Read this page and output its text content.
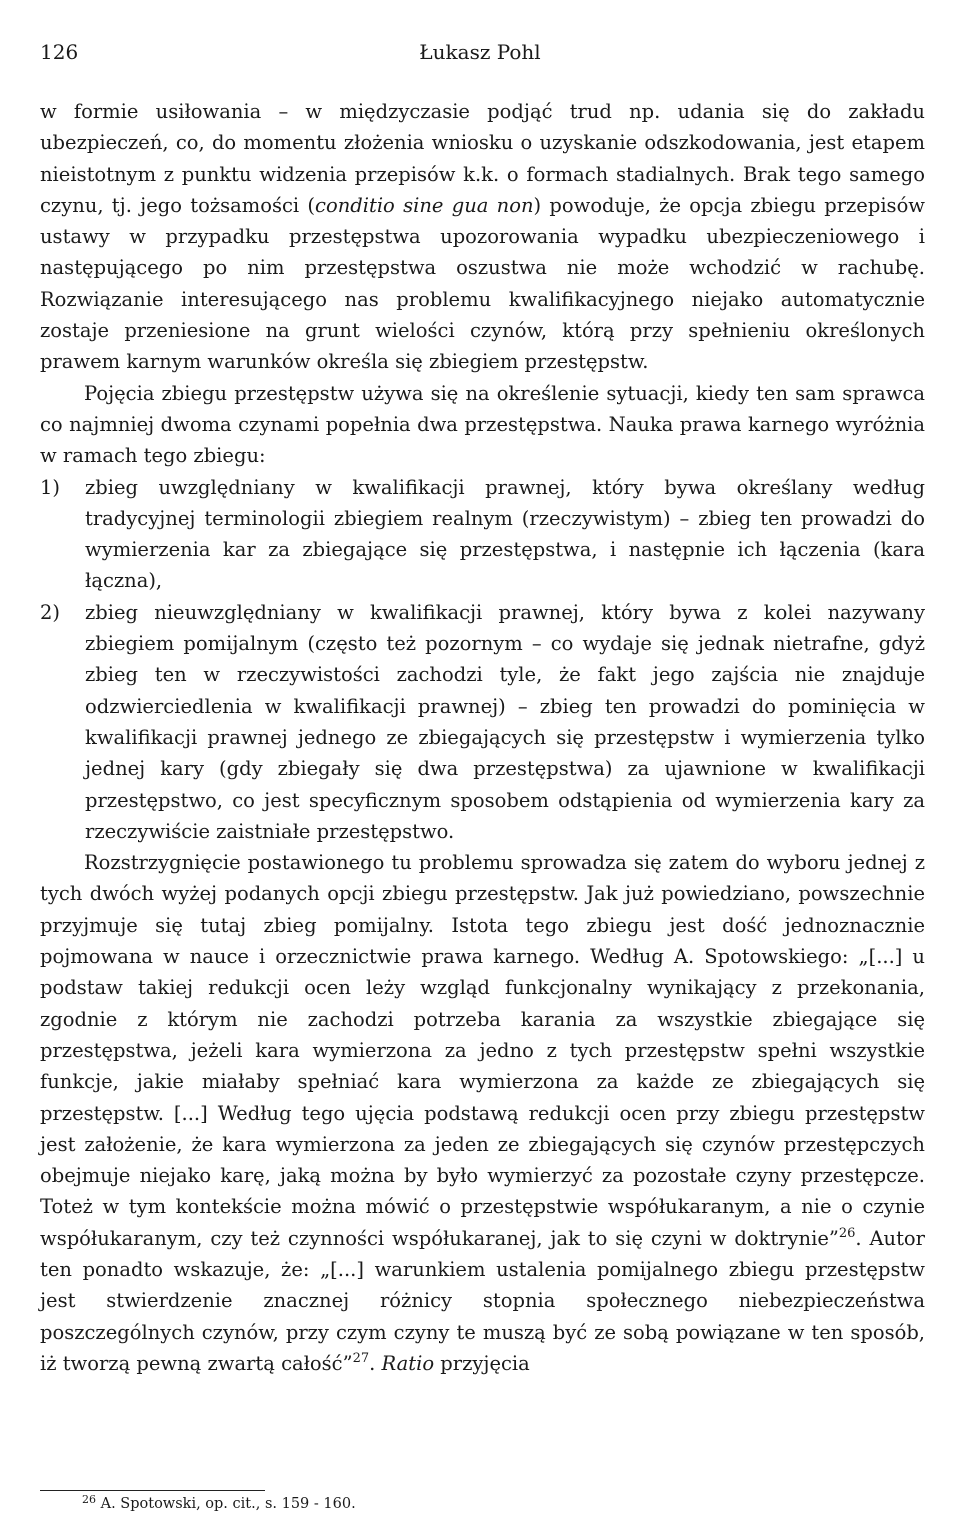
126	Łukasz Pohl

w formie usiłowania – w międzyczasie podjąć trud np. udania się do zakładu ubezpieczeń, co, do momentu złożenia wniosku o uzyskanie odszkodowania, jest etapem nieistotnym z punktu widzenia przepisów k.k. o formach stadialnych. Brak tego samego czynu, tj. jego tożsamości (conditio sine gua non) powoduje, że opcja zbiegu przepisów ustawy w przypadku przestępstwa upozorowania wypadku ubezpieczeniowego i następującego po nim przestępstwa oszustwa nie może wchodzić w rachubę. Rozwiązanie interesującego nas problemu kwalifikacyjnego niejako automatycznie zostaje przeniesione na grunt wielości czynów, którą przy spełnieniu określonych prawem karnym warunków określa się zbiegiem przestępstw.

Pojęcia zbiegu przestępstw używa się na określenie sytuacji, kiedy ten sam sprawca co najmniej dwoma czynami popełnia dwa przestępstwa. Nauka prawa karnego wyróżnia w ramach tego zbiegu:

1) zbieg uwzględniany w kwalifikacji prawnej, który bywa określany według tradycyjnej terminologii zbiegiem realnym (rzeczywistym) – zbieg ten prowadzi do wymierzenia kar za zbiegające się przestępstwa, i następnie ich łączenia (kara łączna),

2) zbieg nieuwzględniany w kwalifikacji prawnej, który bywa z kolei nazywany zbiegiem pomijalnym (często też pozornym – co wydaje się jednak nietrafne, gdyż zbieg ten w rzeczywistości zachodzi tyle, że fakt jego zajścia nie znajduje odzwierciedlenia w kwalifikacji prawnej) – zbieg ten prowadzi do pominięcia w kwalifikacji prawnej jednego ze zbiegających się przestępstw i wymierzenia tylko jednej kary (gdy zbiegały się dwa przestępstwa) za ujawnione w kwalifikacji przestępstwo, co jest specyficznym sposobem odstąpienia od wymierzenia kary za rzeczywiście zaistniałe przestępstwo.

Rozstrzygnięcie postawionego tu problemu sprowadza się zatem do wyboru jednej z tych dwóch wyżej podanych opcji zbiegu przestępstw. Jak już powiedziano, powszechnie przyjmuje się tutaj zbieg pomijalny. Istota tego zbiegu jest dość jednoznacznie pojmowana w nauce i orzecznictwie prawa karnego. Według A. Spotowskiego: „[...] u podstaw takiej redukcji ocen leży wzgląd funkcjonalny wynikający z przekonania, zgodnie z którym nie zachodzi potrzeba karania za wszystkie zbiegające się przestępstwa, jeżeli kara wymierzona za jedno z tych przestępstw spełni wszystkie funkcje, jakie miałaby spełniać kara wymierzona za każde ze zbiegających się przestępstw. [...] Według tego ujęcia podstawą redukcji ocen przy zbiegu przestępstw jest założenie, że kara wymierzona za jeden ze zbiegających się czynów przestępczych obejmuje niejako karę, jaką można by było wymierzyć za pozostałe czyny przestępcze. Toteż w tym kontekście można mówić o przestępstwie współukaranym, a nie o czynie współukaranym, czy też czynności współukaranej, jak to się czyni w doktrynie”$^{26}$. Autor ten ponadto wskazuje, że: „[...] warunkiem ustalenia pomijalnego zbiegu przestępstw jest stwierdzenie znacznej różnicy stopnia społecznego niebezpieczeństwa poszczególnych czynów, przy czym czyny te muszą być ze sobą powiązane w ten sposób, iż tworzą pewną zwartą całość”$^{27}$. Ratio przyjęcia

$^{26}$ A. Spotowski, op. cit., s. 159 - 160.
